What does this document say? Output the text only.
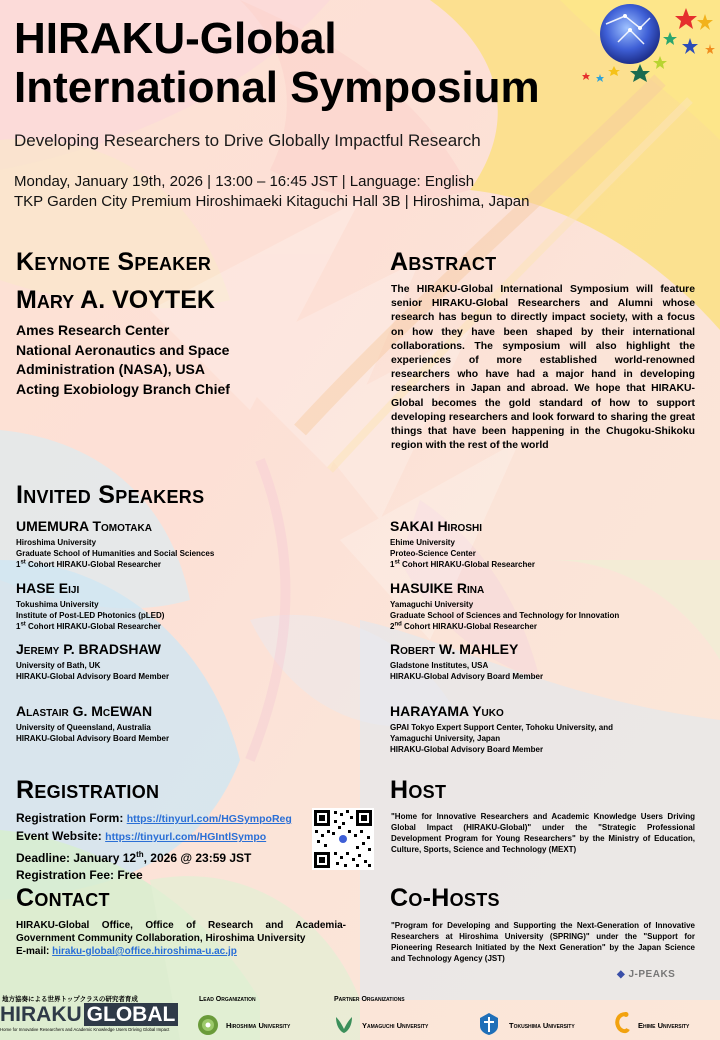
HIRAKU-Global
International Symposium
Developing Researchers to Drive Globally Impactful Research
Monday, January 19th, 2026 | 13:00 – 16:45 JST | Language: English
TKP Garden City Premium Hiroshimaeki Kitaguchi Hall 3B | Hiroshima, Japan
Keynote Speaker
Mary A. VOYTEK
Ames Research Center
National Aeronautics and Space
Administration (NASA), USA
Acting Exobiology Branch Chief
Abstract
The HIRAKU-Global International Symposium will feature senior HIRAKU-Global Researchers and Alumni whose research has begun to directly impact society, with a focus on how they have been shaped by their international collaborations. The symposium will also highlight the experiences of more established world-renowned researchers who have had a major hand in developing researchers in Japan and abroad. We hope that HIRAKU-Global becomes the gold standard of how to support developing researchers and look forward to sharing the great things that have been happening in the Chugoku-Shikoku region with the rest of the world
Invited Speakers
UMEMURA Tomotaka
Hiroshima University
Graduate School of Humanities and Social Sciences
1st Cohort HIRAKU-Global Researcher
HASE Eiji
Tokushima University
Institute of Post-LED Photonics (pLED)
1st Cohort HIRAKU-Global Researcher
Jeremy P. BRADSHAW
University of Bath, UK
HIRAKU-Global Advisory Board Member
Alastair G. McEWAN
University of Queensland, Australia
HIRAKU-Global Advisory Board Member
SAKAI Hiroshi
Ehime University
Proteo-Science Center
1st Cohort HIRAKU-Global Researcher
HASUIKE Rina
Yamaguchi University
Graduate School of Sciences and Technology for Innovation
2nd Cohort HIRAKU-Global Researcher
Robert W. MAHLEY
Gladstone Institutes, USA
HIRAKU-Global Advisory Board Member
HARAYAMA Yuko
GPAI Tokyo Expert Support Center, Tohoku University, and
Yamaguchi University, Japan
HIRAKU-Global Advisory Board Member
Registration
Registration Form: https://tinyurl.com/HGSympoReg
Event Website: https://tinyurl.com/HGIntlSympo
Deadline: January 12th, 2026 @ 23:59 JST
Registration Fee: Free
Host
"Home for Innovative Researchers and Academic Knowledge Users Driving Global Impact (HIRAKU-Global)" under the "Strategic Professional Development Program for Young Researchers" by the Ministry of Education, Culture, Sports, Science and Technology (MEXT)
Contact
HIRAKU-Global Office, Office of Research and Academia-Government Community Collaboration, Hiroshima University
E-mail: hiraku-global@office.hiroshima-u.ac.jp
Co-Hosts
"Program for Developing and Supporting the Next-Generation of Innovative Researchers at Hiroshima University (SPRING)" under the "Support for Pioneering Research Initiated by the Next Generation" by the Japan Science and Technology Agency (JST)
◆ J-PEAKS
地方協奏による世界トップクラスの研究者育成
HIRAKU GLOBAL
Home for Innovative Researchers and Academic Knowledge Users Driving Global Impact
Lead Organization	Partner Organizations
Hiroshima University	Yamaguchi University	Tokushima University	Ehime University
